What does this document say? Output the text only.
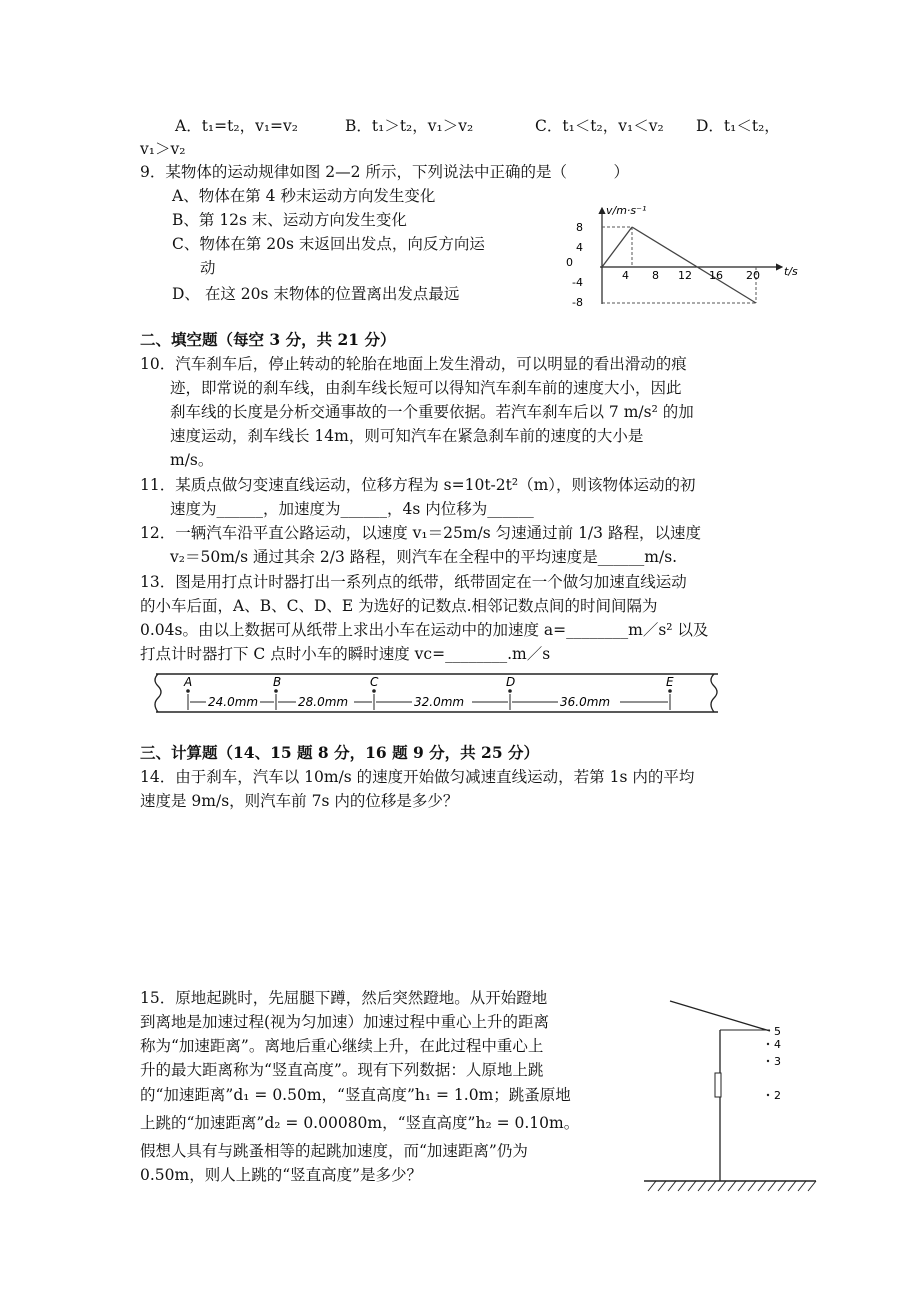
A．t₁=t₂，v₁=v₂	B．t₁＞t₂，v₁＞v₂	C．t₁＜t₂，v₁＜v₂ D．t₁＜t₂，
v₁＞v₂
9．某物体的运动规律如图 2—2 所示，下列说法中正确的是（　　　）
A、物体在第 4 秒末运动方向发生变化
B、第 12s 末、运动方向发生变化
C、物体在第 20s 末返回出发点，向反方向运
动
D、 在这 20s 末物体的位置离出发点最远
v/m·s⁻¹
t/s
0
8
4
-4
-8
4 8 12 16 20
二、填空题（每空 3 分，共 21 分）
10．汽车刹车后，停止转动的轮胎在地面上发生滑动，可以明显的看出滑动的痕
迹，即常说的刹车线，由刹车线长短可以得知汽车刹车前的速度大小，因此
刹车线的长度是分析交通事故的一个重要依据。若汽车刹车后以 7 m/s² 的加
速度运动，刹车线长 14m，则可知汽车在紧急刹车前的速度的大小是
m/s。
11．某质点做匀变速直线运动，位移方程为 s=10t-2t²（m），则该物体运动的初
速度为______，加速度为______，4s 内位移为______
12．一辆汽车沿平直公路运动，以速度 v₁＝25m/s 匀速通过前 1/3 路程，以速度
v₂＝50m/s 通过其余 2/3 路程，则汽车在全程中的平均速度是______m/s.
13．图是用打点计时器打出一系列点的纸带，纸带固定在一个做匀加速直线运动
的小车后面，A、B、C、D、E 为选好的记数点.相邻记数点间的时间间隔为
0.04s。由以上数据可从纸带上求出小车在运动中的加速度 a=________m／s² 以及
打点计时器打下 C 点时小车的瞬时速度 vc=________.m／s
A	B	C	D	E
24.0mm	28.0mm	32.0mm	36.0mm
三、计算题（14、15 题 8 分，16 题 9 分，共 25 分）
14．由于刹车，汽车以 10m/s 的速度开始做匀减速直线运动，若第 1s 内的平均
速度是 9m/s，则汽车前 7s 内的位移是多少？
15．原地起跳时，先屈腿下蹲，然后突然蹬地。从开始蹬地
到离地是加速过程(视为匀加速）加速过程中重心上升的距离
称为“加速距离”。离地后重心继续上升，在此过程中重心上
升的最大距离称为“竖直高度”。现有下列数据：人原地上跳
的“加速距离”d₁ = 0.50m，“竖直高度”h₁ = 1.0m；跳蚤原地
上跳的“加速距离”d₂ = 0.00080m，“竖直高度”h₂ = 0.10m。
假想人具有与跳蚤相等的起跳加速度，而“加速距离”仍为
0.50m，则人上跳的“竖直高度”是多少？
5
4
3
2
